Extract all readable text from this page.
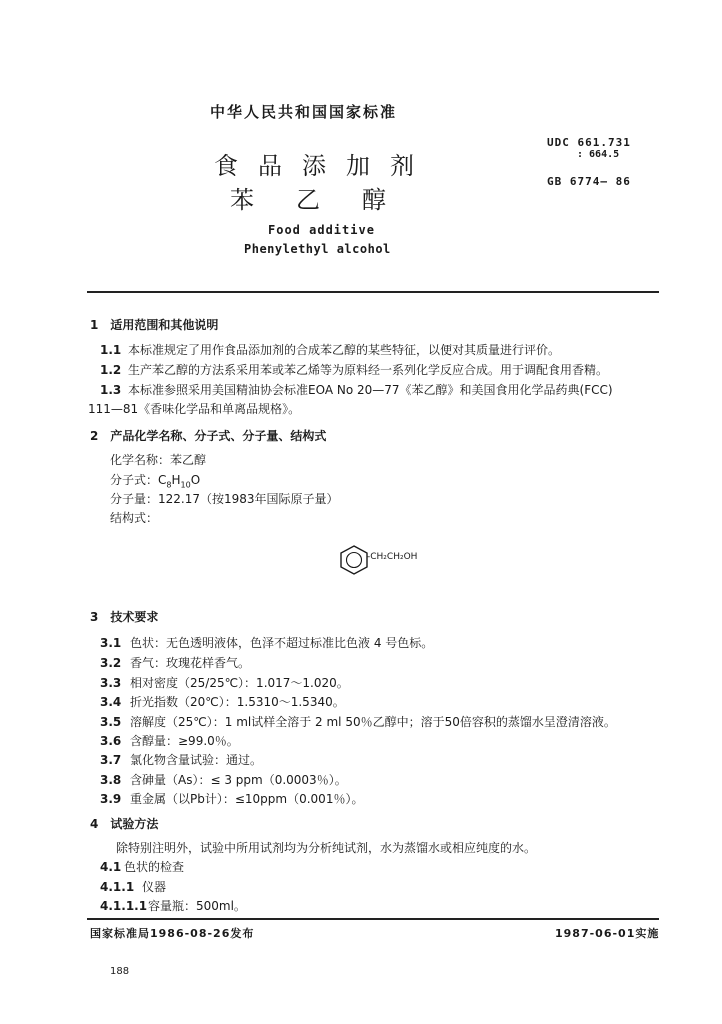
中华人民共和国国家标准
UDC 661.731
: 664.5
GB 6774— 86
食品添加剂
苯乙醇
Food additive
Phenylethyl alcohol
1　适用范围和其他说明
1.1 本标准规定了用作食品添加剂的合成苯乙醇的某些特征，以便对其质量进行评价。
1.2 生产苯乙醇的方法系采用苯或苯乙烯等为原料经一系列化学反应合成。用于调配食用香精。
1.3 本标准参照采用美国精油协会标准EOA No 20—77《苯乙醇》和美国食用化学品药典(FCC)
111—81《香味化学品和单离品规格》。
2　产品化学名称、分子式、分子量、结构式
化学名称：苯乙醇
分子式：$C_8H_{10}O$
分子量：122.17（按1983年国际原子量）
结构式：
-CH₂CH₂OH
3　技术要求
3.1 色状：无色透明液体，色泽不超过标准比色液 4 号色标。
3.2 香气：玫瑰花样香气。
3.3 相对密度（25/25℃）：1.017～1.020。
3.4 折光指数（20℃）：1.5310～1.5340。
3.5 溶解度（25℃）：1 ml试样全溶于 2 ml 50％乙醇中；溶于50倍容积的蒸馏水呈澄清溶液。
3.6 含醇量：≥99.0％。
3.7 氯化物含量试验：通过。
3.8 含砷量（As）：≤ 3 ppm（0.0003％）。
3.9 重金属（以Pb计）：≤10ppm（0.001％）。
4　试验方法
除特别注明外，试验中所用试剂均为分析纯试剂，水为蒸馏水或相应纯度的水。
4.1 色状的检查
4.1.1 仪器
4.1.1.1容量瓶：500ml。
国家标准局1986-08-26发布	1987-06-01实施
188
